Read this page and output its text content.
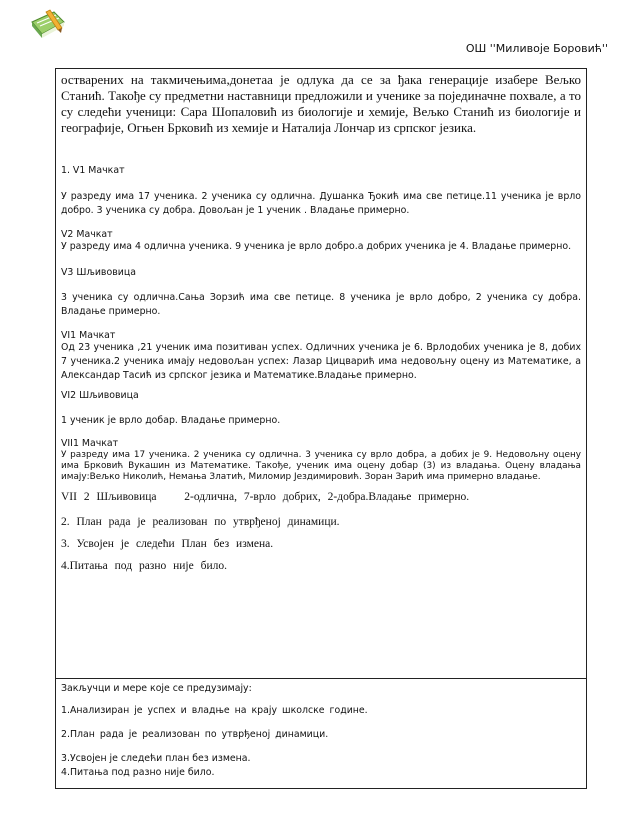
ОШ ''Миливоје Боровић''

остварених на такмичењима,донетаа је одлука да се за ђака генерације изабере Вељко Станић. Такође су предметни наставници предложили и ученике за појединачне похвале, а то су следећи ученици: Сара Шопаловић из биологије и хемије, Вељко Станић из биологије и географије, Огњен Брковић из хемије и Наталија Лончар из српског језика.

1. V1 Мачкат

У разреду има 17 ученика. 2 ученика су одлична. Душанка Ђокић има све петице.11 ученика је врло добро. 3 ученика су добра. Довољан је 1 ученик . Владање примерно.

V2 Мачкат

У разреду има 4 одлична ученика. 9 ученика је врло добро.а добрих ученика је 4. Владање примерно.

V3 Шљивовица

3 ученика су одлична.Сања Зорзић има све петице. 8 ученика је врло добро, 2 ученика су добра. Владање примерно.

VI1 Мачкат

Од 23 ученика ,21 ученик има позитиван успех. Одличних ученика је 6. Врлодобих ученика је 8, добих 7 ученика.2 ученика имају недовољан успех: Лазар Цицварић има недовољну оцену из Математике, а Александар Тасић из српског језика и Математике.Владање примерно.

VI2 Шљивовица

1 ученик је врло добар. Владање примерно.

VII1 Мачкат

У разреду има 17 ученика. 2 ученика су одлична. 3 ученика су врло добра, а добих је 9. Недовољну оцену има Брковић Вукашин из Математике. Такође, ученик има оцену добар (3) из владања. Оцену владања имају:Вељко Николић, Немања Златић, Миломир Јездимировић. Зоран Зарић има примерно владање.

VII 2 Шљивовица 2-одлична, 7-врло добрих, 2-добра.Владање примерно.

2. План рада је реализован по утврђеној динамици.

3. Усвојен је следећи План без измена.

4.Питања под разно није било.

Закључци и мере које се предузимају:

1.Анализиран је успех и владње на крају школске године.

2.План рада је реализован по утврђеној динамици.

3.Усвојен је следећи план без измена.

4.Питања под разно није било.
